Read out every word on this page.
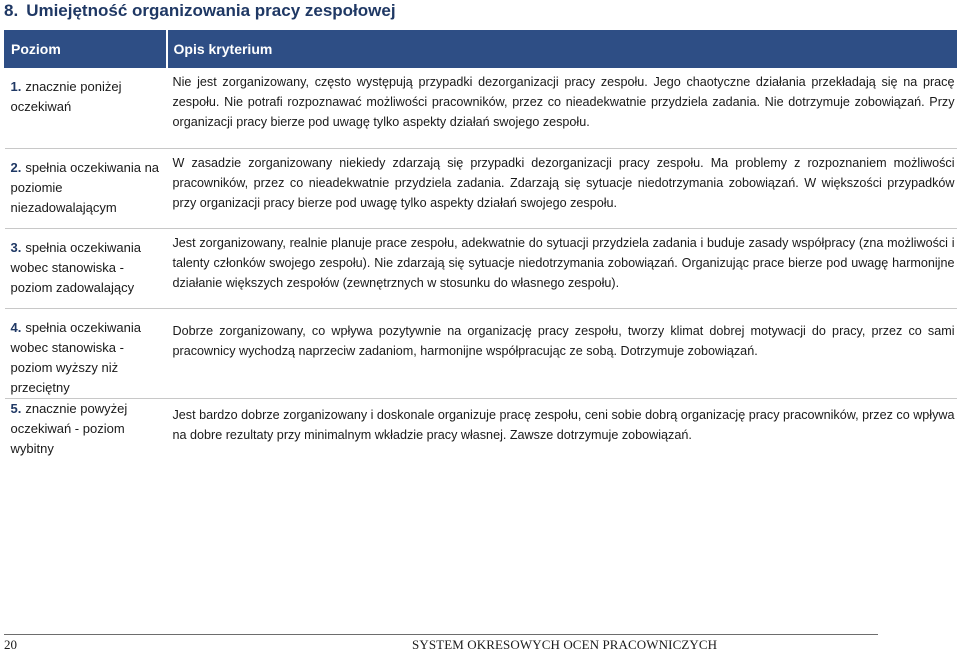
8. Umiejętność organizowania pracy zespołowej
Poziom	Opis kryterium

1. znacznie poniżej oczekiwań	Nie jest zorganizowany, często występują przypadki dezorganizacji pracy zespołu. Jego chaotyczne działania przekładają się na pracę zespołu. Nie potrafi rozpoznawać możliwości pracowników, przez co nieadekwatnie przydziela zadania. Nie dotrzymuje zobowiązań. Przy organizacji pracy bierze pod uwagę tylko aspekty działań swojego zespołu.

2. spełnia oczekiwania na poziomie niezadowalającym	W zasadzie zorganizowany niekiedy zdarzają się przypadki dezorganizacji pracy zespołu. Ma problemy z rozpoznaniem możliwości pracowników, przez co nieadekwatnie przydziela zadania. Zdarzają się sytuacje niedotrzymania zobowiązań. W większości przypadków przy organizacji pracy bierze pod uwagę tylko aspekty działań swojego zespołu.

3. spełnia oczekiwania wobec stanowiska - poziom zadowalający	Jest zorganizowany, realnie planuje prace zespołu, adekwatnie do sytuacji przydziela zadania i buduje zasady współpracy (zna możliwości i talenty członków swojego zespołu). Nie zdarzają się sytuacje niedotrzymania zobowiązań. Organizując prace bierze pod uwagę harmonijne działanie większych zespołów (zewnętrznych w stosunku do własnego zespołu).

4. spełnia oczekiwania wobec stanowiska - poziom wyższy niż przeciętny	Dobrze zorganizowany, co wpływa pozytywnie na organizację pracy zespołu, tworzy klimat dobrej motywacji do pracy, przez co sami pracownicy wychodzą naprzeciw zadaniom, harmonijne współpracując ze sobą. Dotrzymuje zobowiązań.

5. znacznie powyżej oczekiwań - poziom wybitny	Jest bardzo dobrze zorganizowany i doskonale organizuje pracę zespołu, ceni sobie dobrą organizację pracy pracowników, przez co wpływa na dobre rezultaty przy minimalnym wkładzie pracy własnej. Zawsze dotrzymuje zobowiązań.
20	SYSTEM OKRESOWYCH OCEN PRACOWNICZYCH
